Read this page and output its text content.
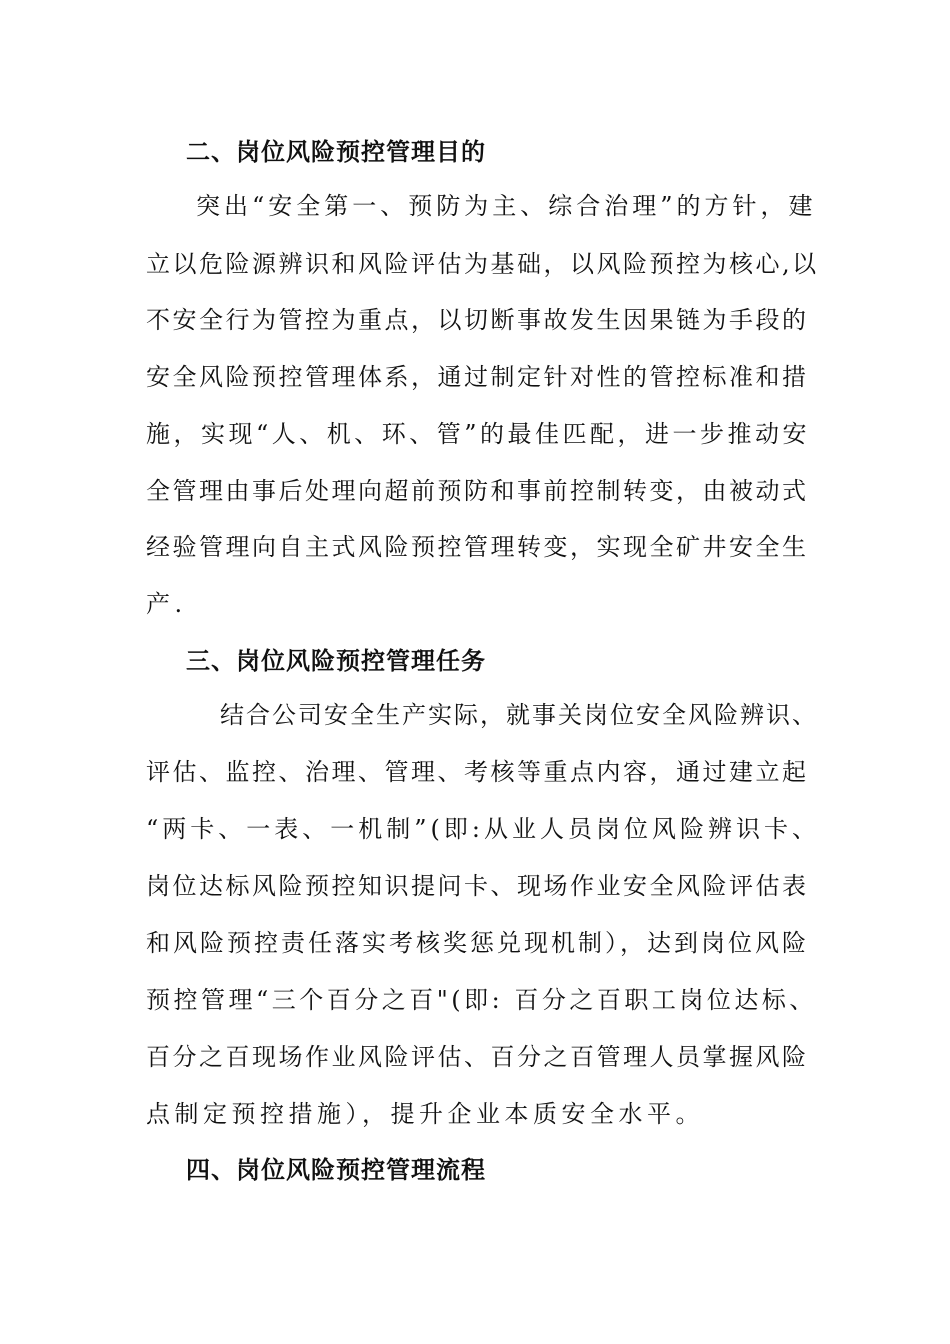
二、岗位风险预控管理目的
突出“安全第一、预防为主、综合治理”的方针，建
立以危险源辨识和风险评估为基础，以风险预控为核心,以
不安全行为管控为重点，以切断事故发生因果链为手段的
安全风险预控管理体系，通过制定针对性的管控标准和措
施，实现“人、机、环、管”的最佳匹配，进一步推动安
全管理由事后处理向超前预防和事前控制转变，由被动式
经验管理向自主式风险预控管理转变，实现全矿井安全生
产.
三、岗位风险预控管理任务
结合公司安全生产实际，就事关岗位安全风险辨识、
评估、监控、治理、管理、考核等重点内容，通过建立起
“两卡、一表、一机制”(即:从业人员岗位风险辨识卡、
岗位达标风险预控知识提问卡、现场作业安全风险评估表
和风险预控责任落实考核奖惩兑现机制），达到岗位风险
预控管理“三个百分之百"(即: 百分之百职工岗位达标、
百分之百现场作业风险评估、百分之百管理人员掌握风险
点制定预控措施），提升企业本质安全水平。
四、岗位风险预控管理流程
